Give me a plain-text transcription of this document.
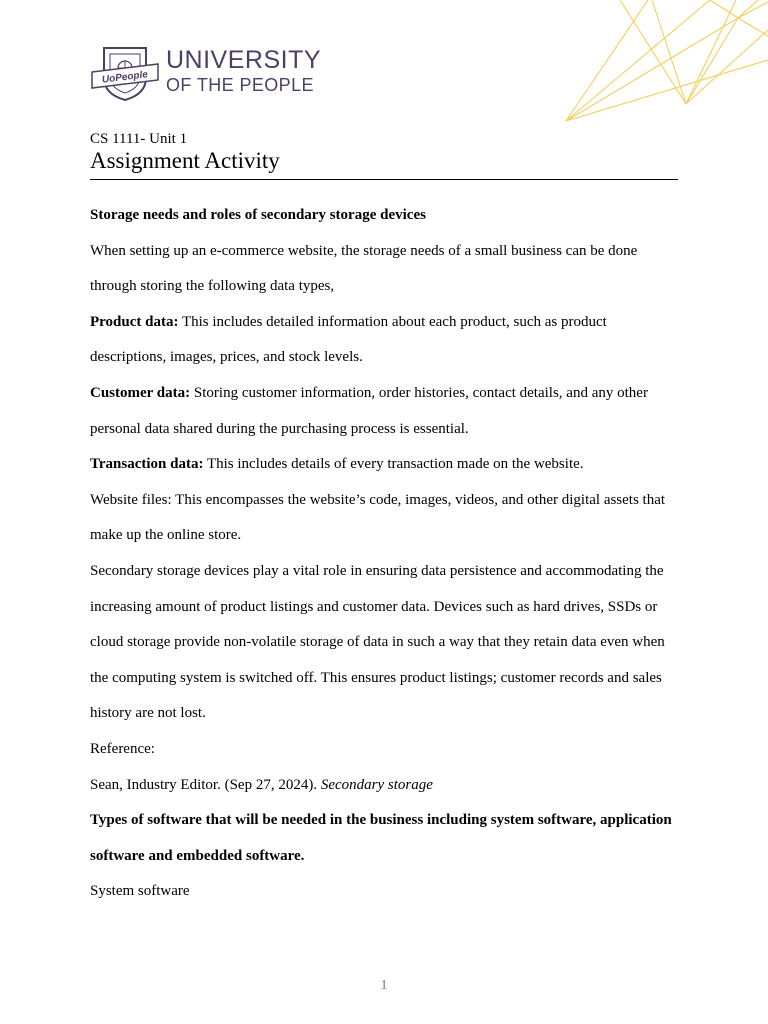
UoPeople
UNIVERSITY
OF THE PEOPLE
CS 1111- Unit 1
Assignment Activity
Storage needs and roles of secondary storage devices
When setting up an e-commerce website, the storage needs of a small business can be done
through storing the following data types,
Product data: This includes detailed information about each product, such as product
descriptions, images, prices, and stock levels.
Customer data: Storing customer information, order histories, contact details, and any other
personal data shared during the purchasing process is essential.
Transaction data: This includes details of every transaction made on the website.
Website files: This encompasses the website’s code, images, videos, and other digital assets that
make up the online store.
Secondary storage devices play a vital role in ensuring data persistence and accommodating the
increasing amount of product listings and customer data. Devices such as hard drives, SSDs or
cloud storage provide non-volatile storage of data in such a way that they retain data even when
the computing system is switched off. This ensures product listings; customer records and sales
history are not lost.
Reference:
Sean, Industry Editor. (Sep 27, 2024). Secondary storage
Types of software that will be needed in the business including system software, application
software and embedded software.
System software
1
